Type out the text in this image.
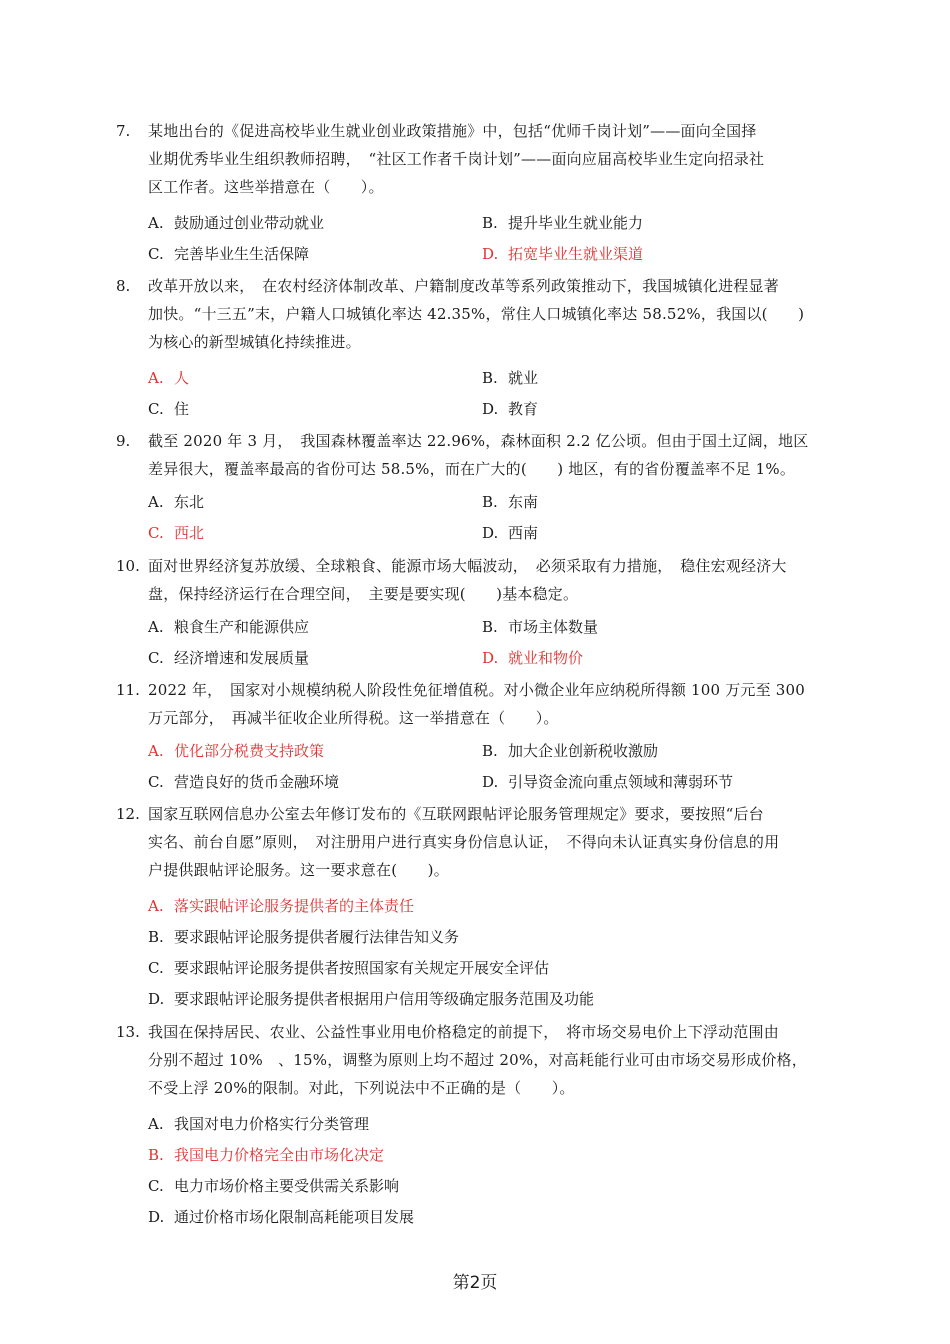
7. 某地出台的《促进高校毕业生就业创业政策措施》中，包括“优师千岗计划”——面向全国择
业期优秀毕业生组织教师招聘，　“社区工作者千岗计划”——面向应届高校毕业生定向招录社
区工作者。这些举措意在（　　）。
A. 鼓励通过创业带动就业	B. 提升毕业生就业能力
C. 完善毕业生生活保障	D. 拓宽毕业生就业渠道
8. 改革开放以来，　在农村经济体制改革、户籍制度改革等系列政策推动下，我国城镇化进程显著
加快。“十三五”末，户籍人口城镇化率达 42.35%，常住人口城镇化率达 58.52%，我国以(　　)
为核心的新型城镇化持续推进。
A. 人	B. 就业
C. 住	D. 教育
9. 截至 2020 年 3 月，　我国森林覆盖率达 22.96%，森林面积 2.2 亿公顷。但由于国土辽阔，地区
差异很大，覆盖率最高的省份可达 58.5%，而在广大的(　　) 地区，有的省份覆盖率不足 1%。
A. 东北	B. 东南
C. 西北	D. 西南
10. 面对世界经济复苏放缓、全球粮食、能源市场大幅波动，　必须采取有力措施，　稳住宏观经济大
盘，保持经济运行在合理空间，　主要是要实现(　　)基本稳定。
A. 粮食生产和能源供应	B. 市场主体数量
C. 经济增速和发展质量	D. 就业和物价
11. 2022 年，　国家对小规模纳税人阶段性免征增值税。对小微企业年应纳税所得额 100 万元至 300
万元部分，　再减半征收企业所得税。这一举措意在（　　）。
A. 优化部分税费支持政策	B. 加大企业创新税收激励
C. 营造良好的货币金融环境	D. 引导资金流向重点领域和薄弱环节
12. 国家互联网信息办公室去年修订发布的《互联网跟帖评论服务管理规定》要求，要按照“后台
实名、前台自愿”原则，　对注册用户进行真实身份信息认证，　不得向未认证真实身份信息的用
户提供跟帖评论服务。这一要求意在(　　)。
A. 落实跟帖评论服务提供者的主体责任
B. 要求跟帖评论服务提供者履行法律告知义务
C. 要求跟帖评论服务提供者按照国家有关规定开展安全评估
D. 要求跟帖评论服务提供者根据用户信用等级确定服务范围及功能
13. 我国在保持居民、农业、公益性事业用电价格稳定的前提下，　将市场交易电价上下浮动范围由
分别不超过 10%　、15%，调整为原则上均不超过 20%，对高耗能行业可由市场交易形成价格，
不受上浮 20%的限制。对此，下列说法中不正确的是（　　）。
A. 我国对电力价格实行分类管理
B. 我国电力价格完全由市场化决定
C. 电力市场价格主要受供需关系影响
D. 通过价格市场化限制高耗能项目发展
第2页
